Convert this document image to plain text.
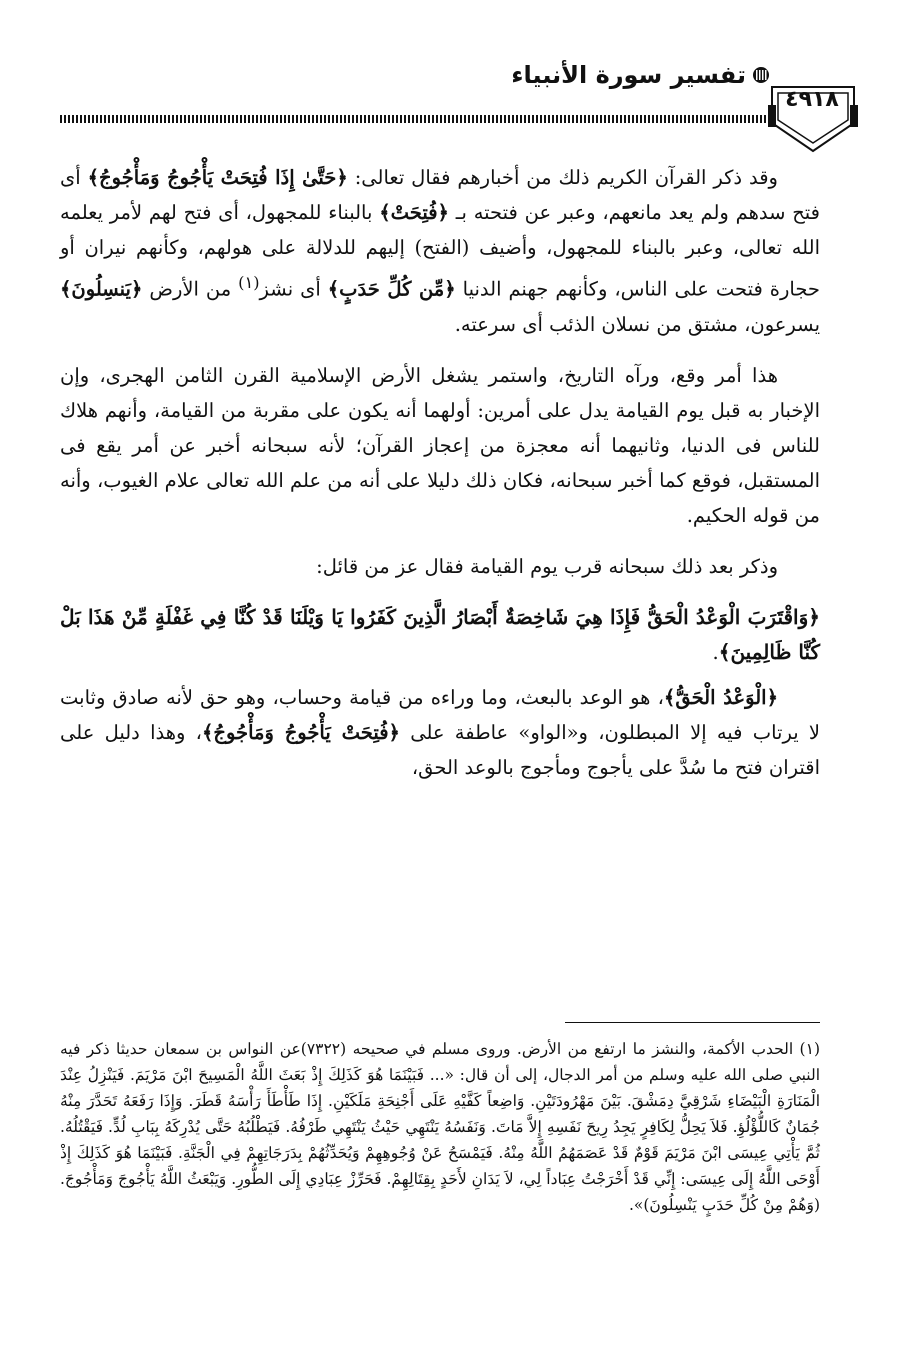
تفسير سورة الأنبياء
٤٩١٨

وقد ذكر القرآن الكريم ذلك من أخبارهم فقال تعالى: ﴿حَتَّىٰ إِذَا فُتِحَتْ يَأْجُوجُ وَمَأْجُوجُ﴾ أى فتح سدهم ولم يعد مانعهم، وعبر عن فتحته بـ ﴿فُتِحَتْ﴾ بالبناء للمجهول، أى فتح لهم لأمر يعلمه الله تعالى، وعبر بالبناء للمجهول، وأضيف (الفتح) إليهم للدلالة على هولهم، وكأنهم نيران أو حجارة فتحت على الناس، وكأنهم جهنم الدنيا ﴿مِّن كُلِّ حَدَبٍ﴾ أى نشز$^{(١)}$ من الأرض ﴿يَنسِلُونَ﴾ يسرعون، مشتق من نسلان الذئب أى سرعته.

هذا أمر وقع، ورآه التاريخ، واستمر يشغل الأرض الإسلامية القرن الثامن الهجرى، وإن الإخبار به قبل يوم القيامة يدل على أمرين: أولهما أنه يكون على مقربة من القيامة، وأنهم هلاك للناس فى الدنيا، وثانيهما أنه معجزة من إعجاز القرآن؛ لأنه سبحانه أخبر عن أمر يقع فى المستقبل، فوقع كما أخبر سبحانه، فكان ذلك دليلا على أنه من علم الله تعالى علام الغيوب، وأنه من قوله الحكيم.

وذكر بعد ذلك سبحانه قرب يوم القيامة فقال عز من قائل:

﴿وَاقْتَرَبَ الْوَعْدُ الْحَقُّ فَإِذَا هِيَ شَاخِصَةٌ أَبْصَارُ الَّذِينَ كَفَرُوا يَا وَيْلَنَا قَدْ كُنَّا فِي غَفْلَةٍ مِّنْ هَذَا بَلْ كُنَّا ظَالِمِينَ﴾.

﴿الْوَعْدُ الْحَقُّ﴾، هو الوعد بالبعث، وما وراءه من قيامة وحساب، وهو حق لأنه صادق وثابت لا يرتاب فيه إلا المبطلون، و«الواو» عاطفة على ﴿فُتِحَتْ يَأْجُوجُ وَمَأْجُوجُ﴾، وهذا دليل على اقتران فتح ما سُدَّ على يأجوج ومأجوج بالوعد الحق،

(١) الحدب الأكمة، والنشز ما ارتفع من الأرض. وروى مسلم في صحيحه (٧٣٢٢)عن النواس بن سمعان حديثا ذكر فيه النبي صلى الله عليه وسلم من أمر الدجال، إلى أن قال: «... فَبَيْنَمَا هُوَ كَذَلِكَ إِذْ بَعَثَ اللَّهُ الْمَسِيحَ ابْنَ مَرْيَمَ. فَيَنْزِلُ عِنْدَ الْمَنَارَةِ الْبَيْضَاءِ شَرْقِيَّ دِمَشْقَ. بَيْنَ مَهْرُودَتَيْنِ. وَاضِعاً كَفَّيْهِ عَلَى أَجْنِحَةِ مَلَكَيْنِ. إِذَا طَأْطَأَ رَأْسَهُ قَطَرَ. وَإِذَا رَفَعَهُ تَحَدَّرَ مِنْهُ جُمَانٌ كَاللُّؤْلُؤِ. فَلاَ يَحِلُّ لِكَافِرٍ يَجِدُ رِيحَ نَفَسِهِ إِلاَّ مَاتَ. وَنَفَسُهُ يَنْتَهِي حَيْثُ يَنْتَهِي طَرْفُهُ. فَيَطْلُبُهُ حَتَّى يُدْرِكَهُ بِبَابِ لُدٍّ. فَيَقْتُلُهُ. ثُمَّ يَأْتِي عِيسَى ابْنَ مَرْيَمَ قَوْمٌ قَدْ عَصَمَهُمُ اللَّهُ مِنْهُ. فَيَمْسَحُ عَنْ وُجُوهِهِمْ وَيُحَدِّثُهُمْ بِدَرَجَاتِهِمْ فِي الْجَنَّةِ. فَبَيْنَمَا هُوَ كَذَلِكَ إِذْ أَوْحَى اللَّهُ إِلَى عِيسَى: إِنِّي قَدْ أَخْرَجْتُ عِبَاداً لِي، لاَ يَدَانِ لأَحَدٍ بِقِتَالِهِمْ. فَحَرِّزْ عِبَادِي إِلَى الطُّورِ. وَيَبْعَثُ اللَّهُ يَأْجُوجَ وَمَأْجُوجَ. (وَهُمْ مِنْ كُلِّ حَدَبٍ يَنْسِلُونَ)».
